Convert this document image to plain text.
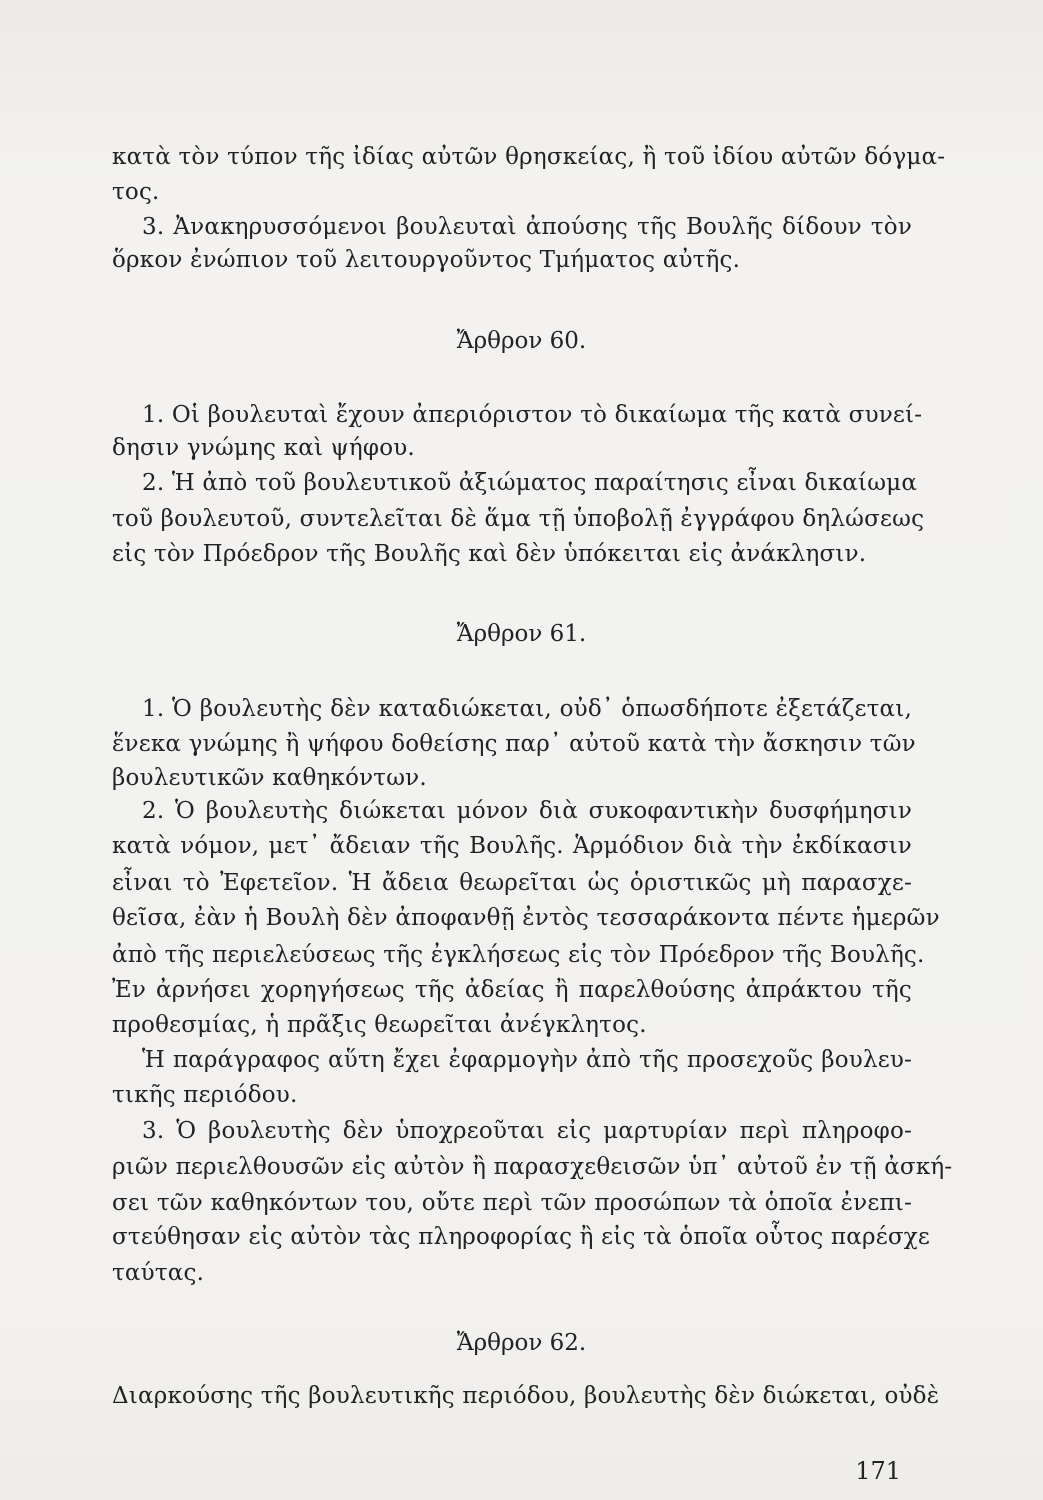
κατὰ τὸν τύπον τῆς ἰδίας αὐτῶν θρησκείας, ἢ τοῦ ἰδίου αὐτῶν δόγμα-
τος.
3. Ἀνακηρυσσόμενοι βουλευταὶ ἀπούσης τῆς Βουλῆς δίδουν τὸν
ὅρκον ἐνώπιον τοῦ λειτουργοῦντος Τμήματος αὐτῆς.
Ἄρθρον 60.
1. Οἱ βουλευταὶ ἔχουν ἀπεριόριστον τὸ δικαίωμα τῆς κατὰ συνεί-
δησιν γνώμης καὶ ψήφου.
2. Ἡ ἀπὸ τοῦ βουλευτικοῦ ἀξιώματος παραίτησις εἶναι δικαίωμα
τοῦ βουλευτοῦ, συντελεῖται δὲ ἅμα τῇ ὑποβολῇ ἐγγράφου δηλώσεως
εἰς τὸν Πρόεδρον τῆς Βουλῆς καὶ δὲν ὑπόκειται εἰς ἀνάκλησιν.
Ἄρθρον 61.
1. Ὁ βουλευτὴς δὲν καταδιώκεται, οὐδ᾽ ὁπωσδήποτε ἐξετάζεται,
ἕνεκα γνώμης ἢ ψήφου δοθείσης παρ᾽ αὐτοῦ κατὰ τὴν ἄσκησιν τῶν
βουλευτικῶν καθηκόντων.
2. Ὁ βουλευτὴς διώκεται μόνον διὰ συκοφαντικὴν δυσφήμησιν
κατὰ νόμον, μετ᾽ ἄδειαν τῆς Βουλῆς. Ἁρμόδιον διὰ τὴν ἐκδίκασιν
εἶναι τὸ Ἐφετεῖον. Ἡ ἄδεια θεωρεῖται ὡς ὁριστικῶς μὴ παρασχε-
θεῖσα, ἐὰν ἡ Βουλὴ δὲν ἀποφανθῇ ἐντὸς τεσσαράκοντα πέντε ἡμερῶν
ἀπὸ τῆς περιελεύσεως τῆς ἐγκλήσεως εἰς τὸν Πρόεδρον τῆς Βουλῆς.
Ἐν ἀρνήσει χορηγήσεως τῆς ἀδείας ἢ παρελθούσης ἀπράκτου τῆς
προθεσμίας, ἡ πρᾶξις θεωρεῖται ἀνέγκλητος.
Ἡ παράγραφος αὕτη ἔχει ἐφαρμογὴν ἀπὸ τῆς προσεχοῦς βουλευ-
τικῆς περιόδου.
3. Ὁ βουλευτὴς δὲν ὑποχρεοῦται εἰς μαρτυρίαν περὶ πληροφο-
ριῶν περιελθουσῶν εἰς αὐτὸν ἢ παρασχεθεισῶν ὑπ᾽ αὐτοῦ ἐν τῇ ἀσκή-
σει τῶν καθηκόντων του, οὔτε περὶ τῶν προσώπων τὰ ὁποῖα ἐνεπι-
στεύθησαν εἰς αὐτὸν τὰς πληροφορίας ἢ εἰς τὰ ὁποῖα οὗτος παρέσχε
ταύτας.
Ἄρθρον 62.
Διαρκούσης τῆς βουλευτικῆς περιόδου, βουλευτὴς δὲν διώκεται, οὐδὲ
171
